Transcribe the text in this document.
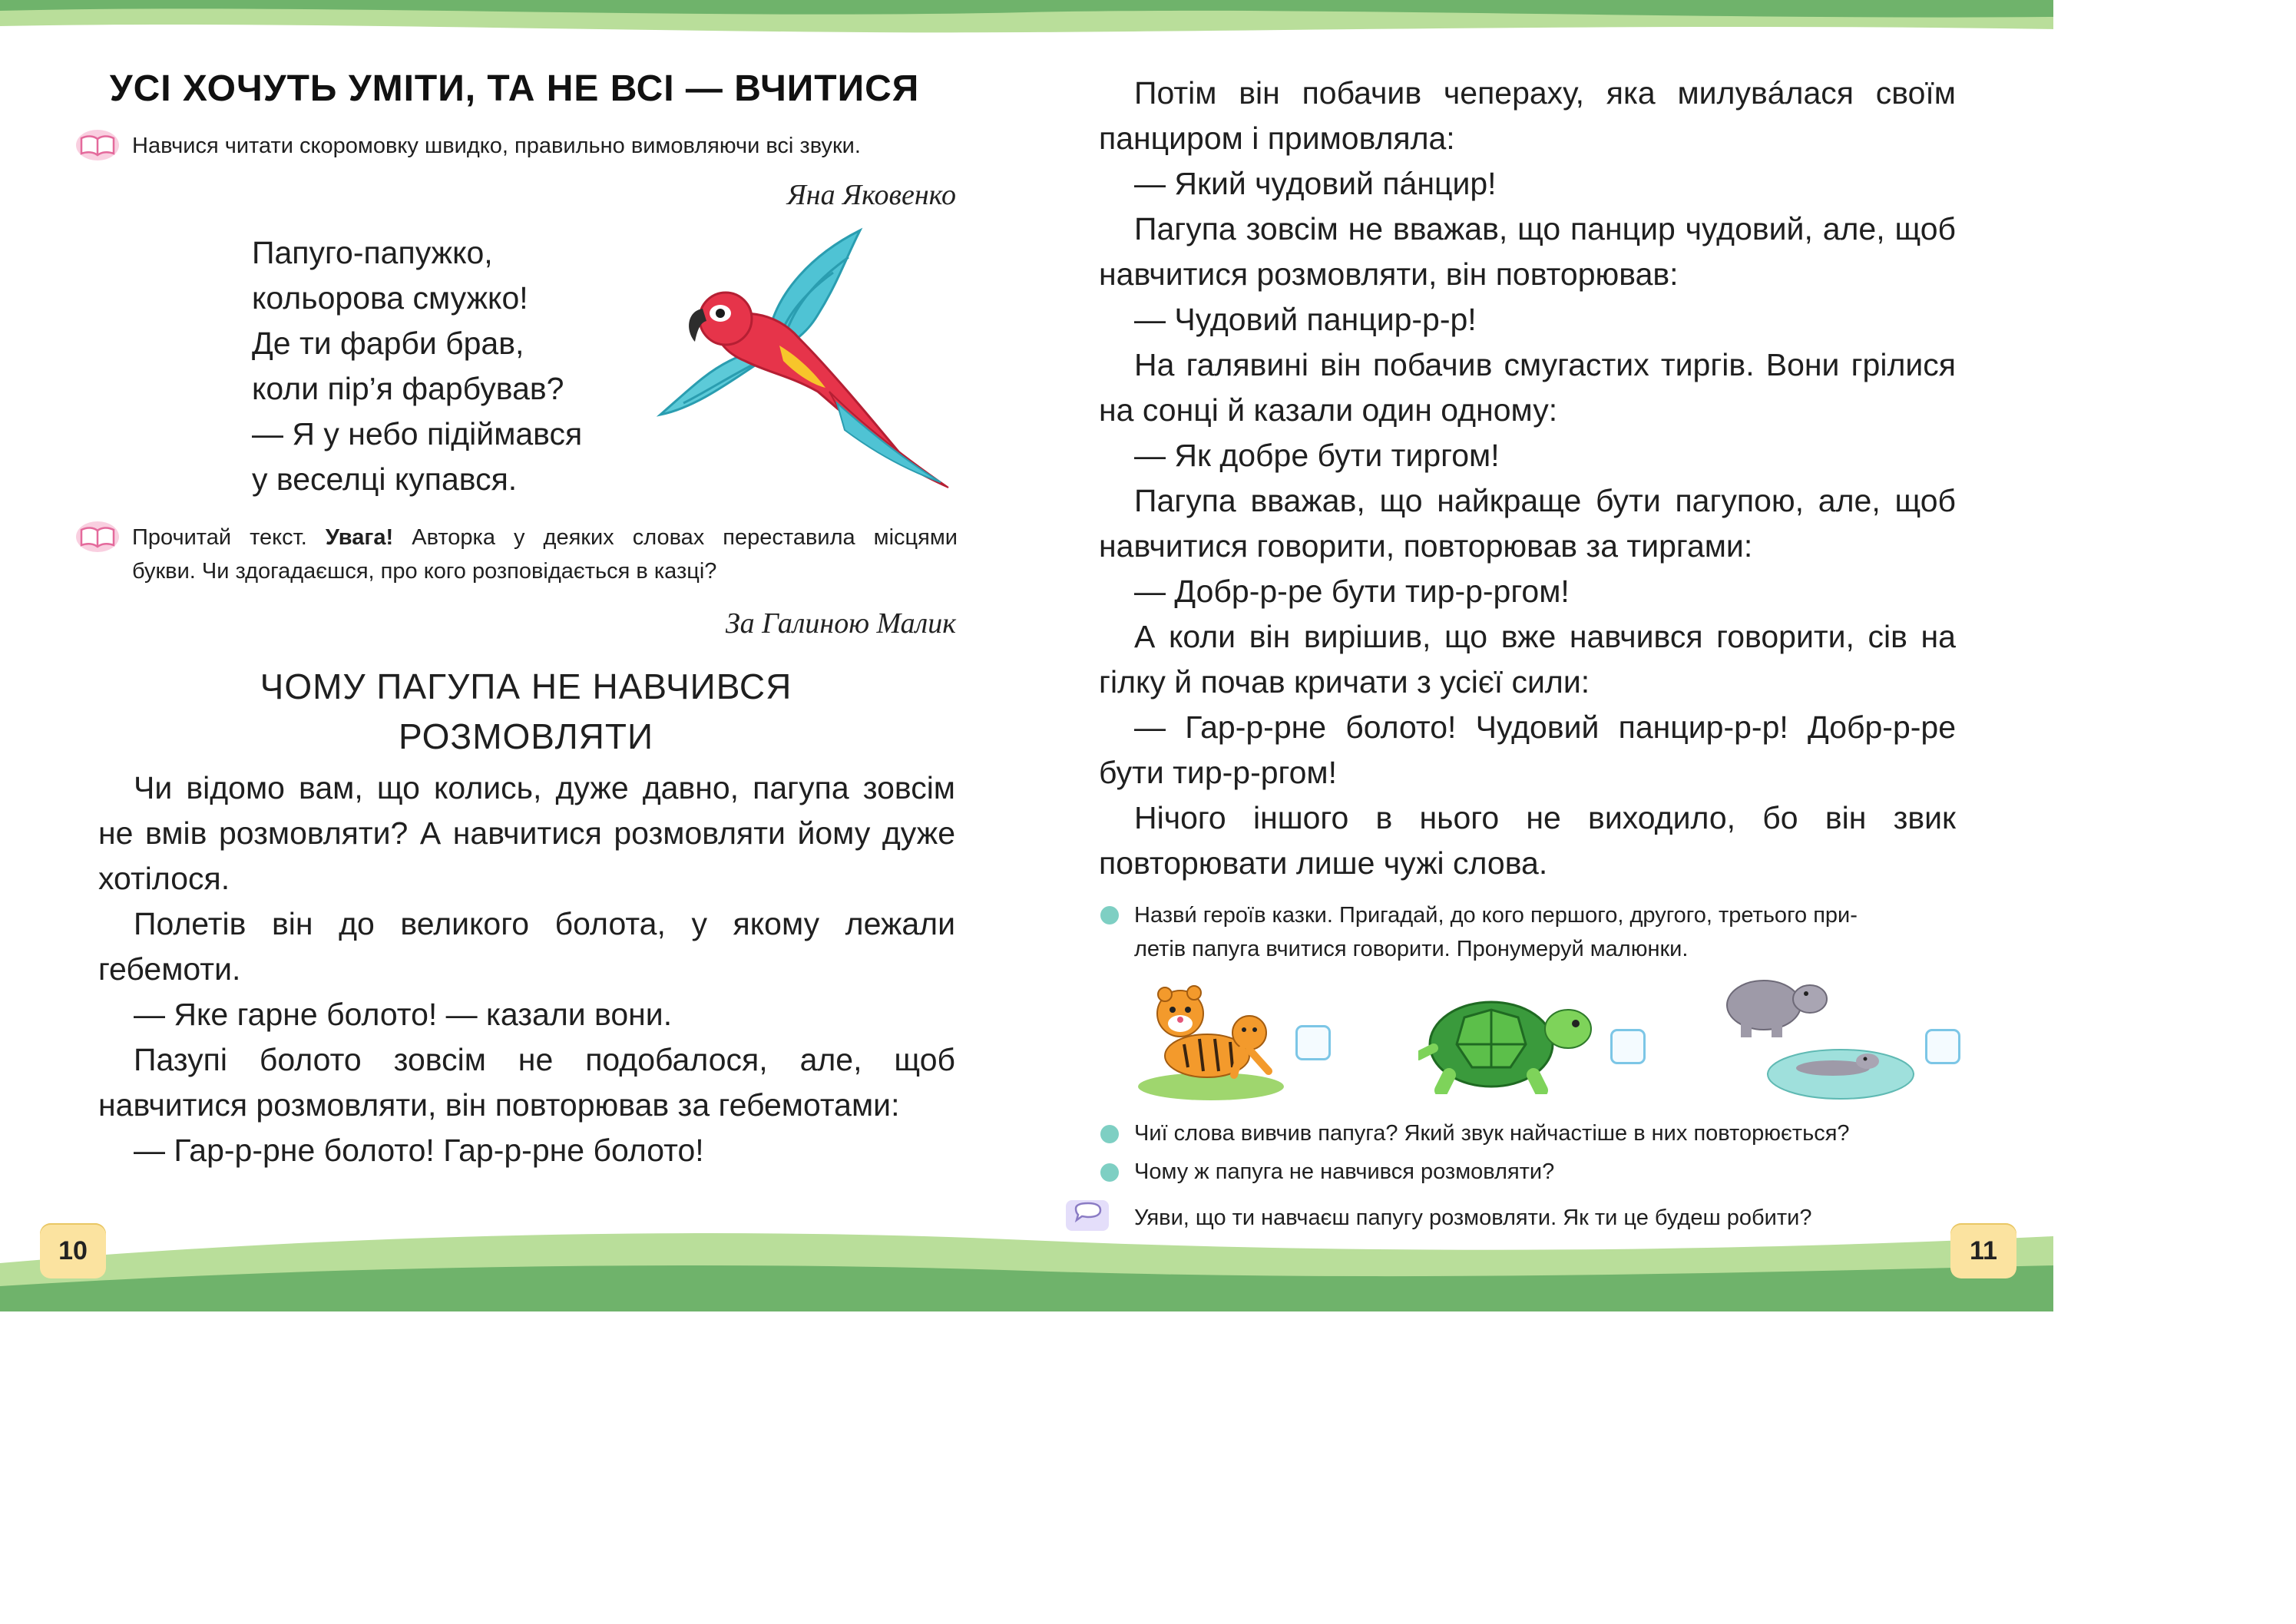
УСІ ХОЧУТЬ УМІТИ, ТА НЕ ВСІ — ВЧИТИСЯ
Навчися читати скоромовку швидко, правильно вимовляючи всі звуки.
Яна Яковенко
Папуго-папужко,
кольорова смужко!
Де ти фарби брав,
коли пір’я фарбував?
— Я у небо підіймався
у веселці купався.
Прочитай текст. Увага! Авторка у деяких словах переставила місцями
букви. Чи здогадаєшся, про кого розповідається в казці?
За Галиною Малик
ЧОМУ ПАГУПА НЕ НАВЧИВСЯ
РОЗМОВЛЯТИ

Чи відомо вам, що колись, дуже давно, пагупа зовсім не вмів розмовляти? А навчитися розмовляти йому дуже хотілося.

Полетів він до великого болота, у якому лежали гебемоти.

— Яке гарне болото! — казали вони.

Пазупі болото зовсім не подобалося, але, щоб навчитися розмовляти, він повторював за гебемотами:

— Гар-р-рне болото! Гар-р-рне болото!

10

Потім він побачив чепераху, яка милувáлася своїм панциром і примовляла:

— Який чудовий пáнцир!

Пагупа зовсім не вважав, що панцир чудовий, але, щоб навчитися розмовляти, він повторював:

— Чудовий панцир-р-р!

На галявині він побачив смугастих тиргів. Вони грілися на сонці й казали один одному:

— Як добре бути тиргом!

Пагупа вважав, що найкраще бути пагупою, але, щоб навчитися говорити, повторював за тиргами:

— Добр-р-ре бути тир-р-ргом!

А коли він вирішив, що вже навчився говорити, сів на гілку й почав кричати з усієї сили:

— Гар-р-рне болото! Чудовий панцир-р-р! Добр-р-ре бути тир-р-ргом!

Нічого іншого в нього не виходило, бо він звик повторювати лише чужі слова.

Назви́ героїв казки. Пригадай, до кого першого, другого, третього при-
летів папуга вчитися говорити. Пронумеруй малюнки.
Чиї слова вивчив папуга? Який звук найчастіше в них повторюється?
Чому ж папуга не навчився розмовляти?
Уяви, що ти навчаєш папугу розмовляти. Як ти це будеш робити?
11
